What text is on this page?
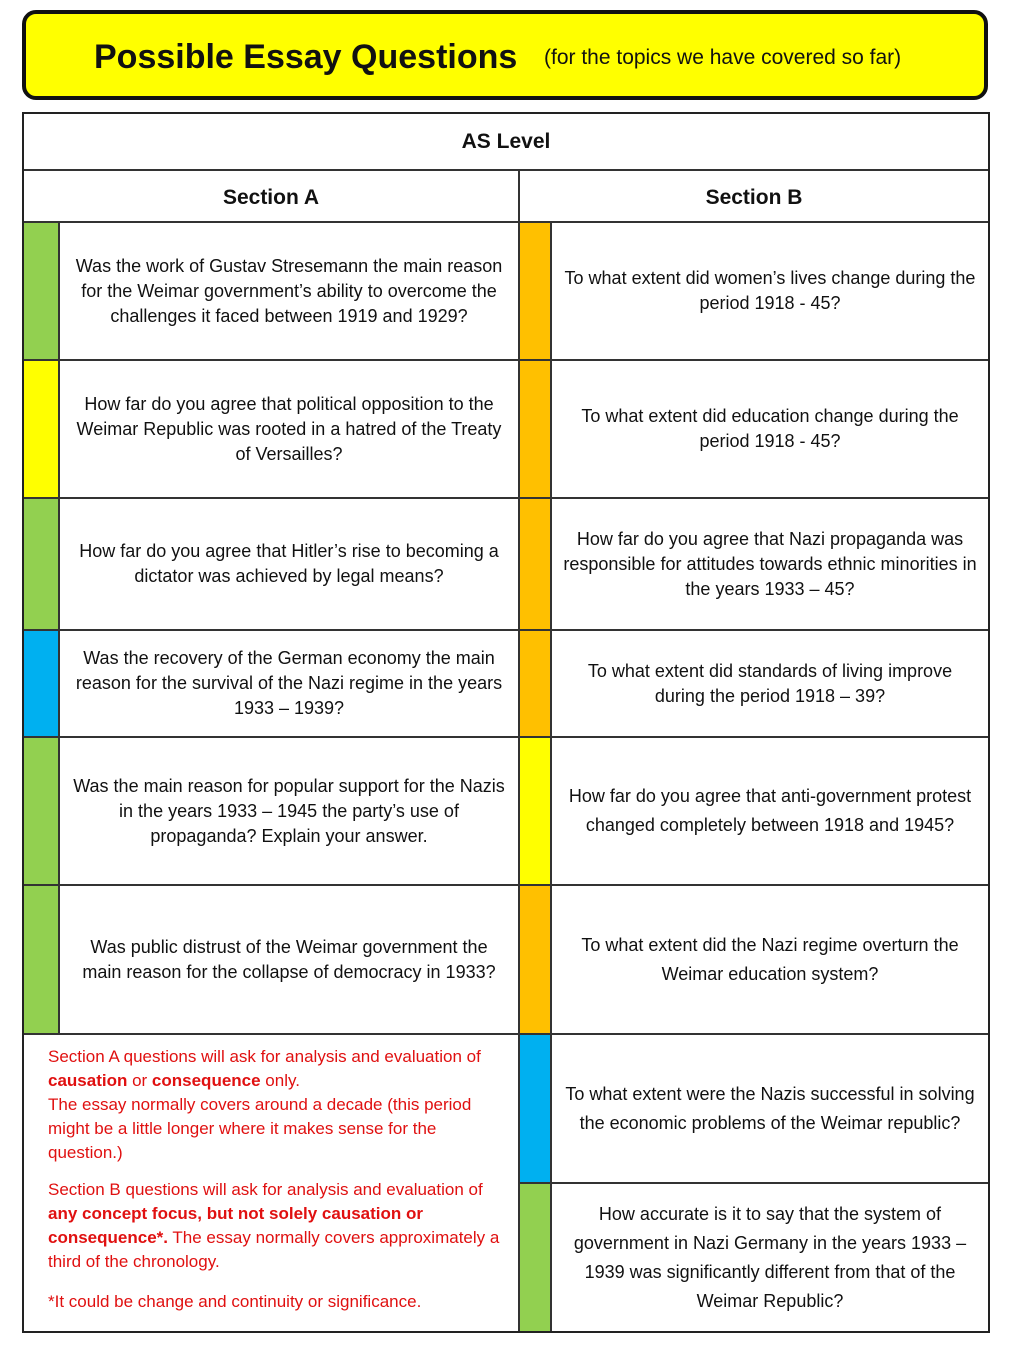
Possible Essay Questions (for the topics we have covered so far)
AS Level
Section A	Section B
Was the work of Gustav Stresemann the main reason for the Weimar government’s ability to overcome the challenges it faced between 1919 and 1929?
How far do you agree that political opposition to the Weimar Republic was rooted in a hatred of the Treaty of Versailles?
How far do you agree that Hitler’s rise to becoming a dictator was achieved by legal means?
Was the recovery of the German economy the main reason for the survival of the Nazi regime in the years 1933 – 1939?
Was the main reason for popular support for the Nazis in the years 1933 – 1945 the party’s use of propaganda? Explain your answer.
Was public distrust of the Weimar government the main reason for the collapse of democracy in 1933?
To what extent did women’s lives change during the period 1918 - 45?
To what extent did education change during the period 1918 - 45?
How far do you agree that Nazi propaganda was responsible for attitudes towards ethnic minorities in the years 1933 – 45?
To what extent did standards of living improve during the period 1918 – 39?
How far do you agree that anti-government protest changed completely between 1918 and 1945?
To what extent did the Nazi regime overturn the Weimar education system?
To what extent were the Nazis successful in solving the economic problems of the Weimar republic?
How accurate is it to say that the system of government in Nazi Germany in the years 1933 – 1939 was significantly different from that of the Weimar Republic?

Section A questions will ask for analysis and evaluation of causation or consequence only.

The essay normally covers around a decade (this period might be a little longer where it makes sense for the question.)

Section B questions will ask for analysis and evaluation of any concept focus, but not solely causation or consequence*. The essay normally covers approximately a third of the chronology.

*It could be change and continuity or significance.
